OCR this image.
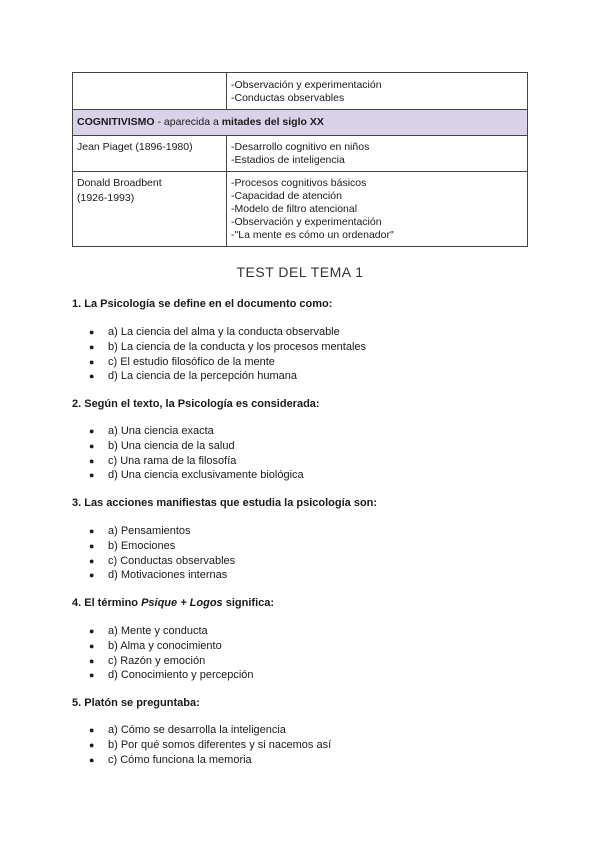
	-Observación y experimentación
-Conductas observables

COGNITIVISMO - aparecida a mitades del siglo XX	

Jean Piaget (1896-1980)	-Desarrollo cognitivo en niños
-Estadios de inteligencia

Donald Broadbent
(1926-1993)	-Procesos cognitivos básicos
-Capacidad de atención
-Modelo de filtro atencional
-Observación y experimentación
-"La mente es cómo un ordenador"
TEST DEL TEMA 1
1. La Psicología se define en el documento como:
● a) La ciencia del alma y la conducta observable
● b) La ciencia de la conducta y los procesos mentales
● c) El estudio filosófico de la mente
● d) La ciencia de la percepción humana
2. Según el texto, la Psicología es considerada:
● a) Una ciencia exacta
● b) Una ciencia de la salud
● c) Una rama de la filosofía
● d) Una ciencia exclusivamente biológica
3. Las acciones manifiestas que estudia la psicología son:
● a) Pensamientos
● b) Emociones
● c) Conductas observables
● d) Motivaciones internas
4. El término Psique + Logos significa:
● a) Mente y conducta
● b) Alma y conocimiento
● c) Razón y emoción
● d) Conocimiento y percepción
5. Platón se preguntaba:
● a) Cómo se desarrolla la inteligencia
● b) Por qué somos diferentes y si nacemos así
● c) Cómo funciona la memoria
